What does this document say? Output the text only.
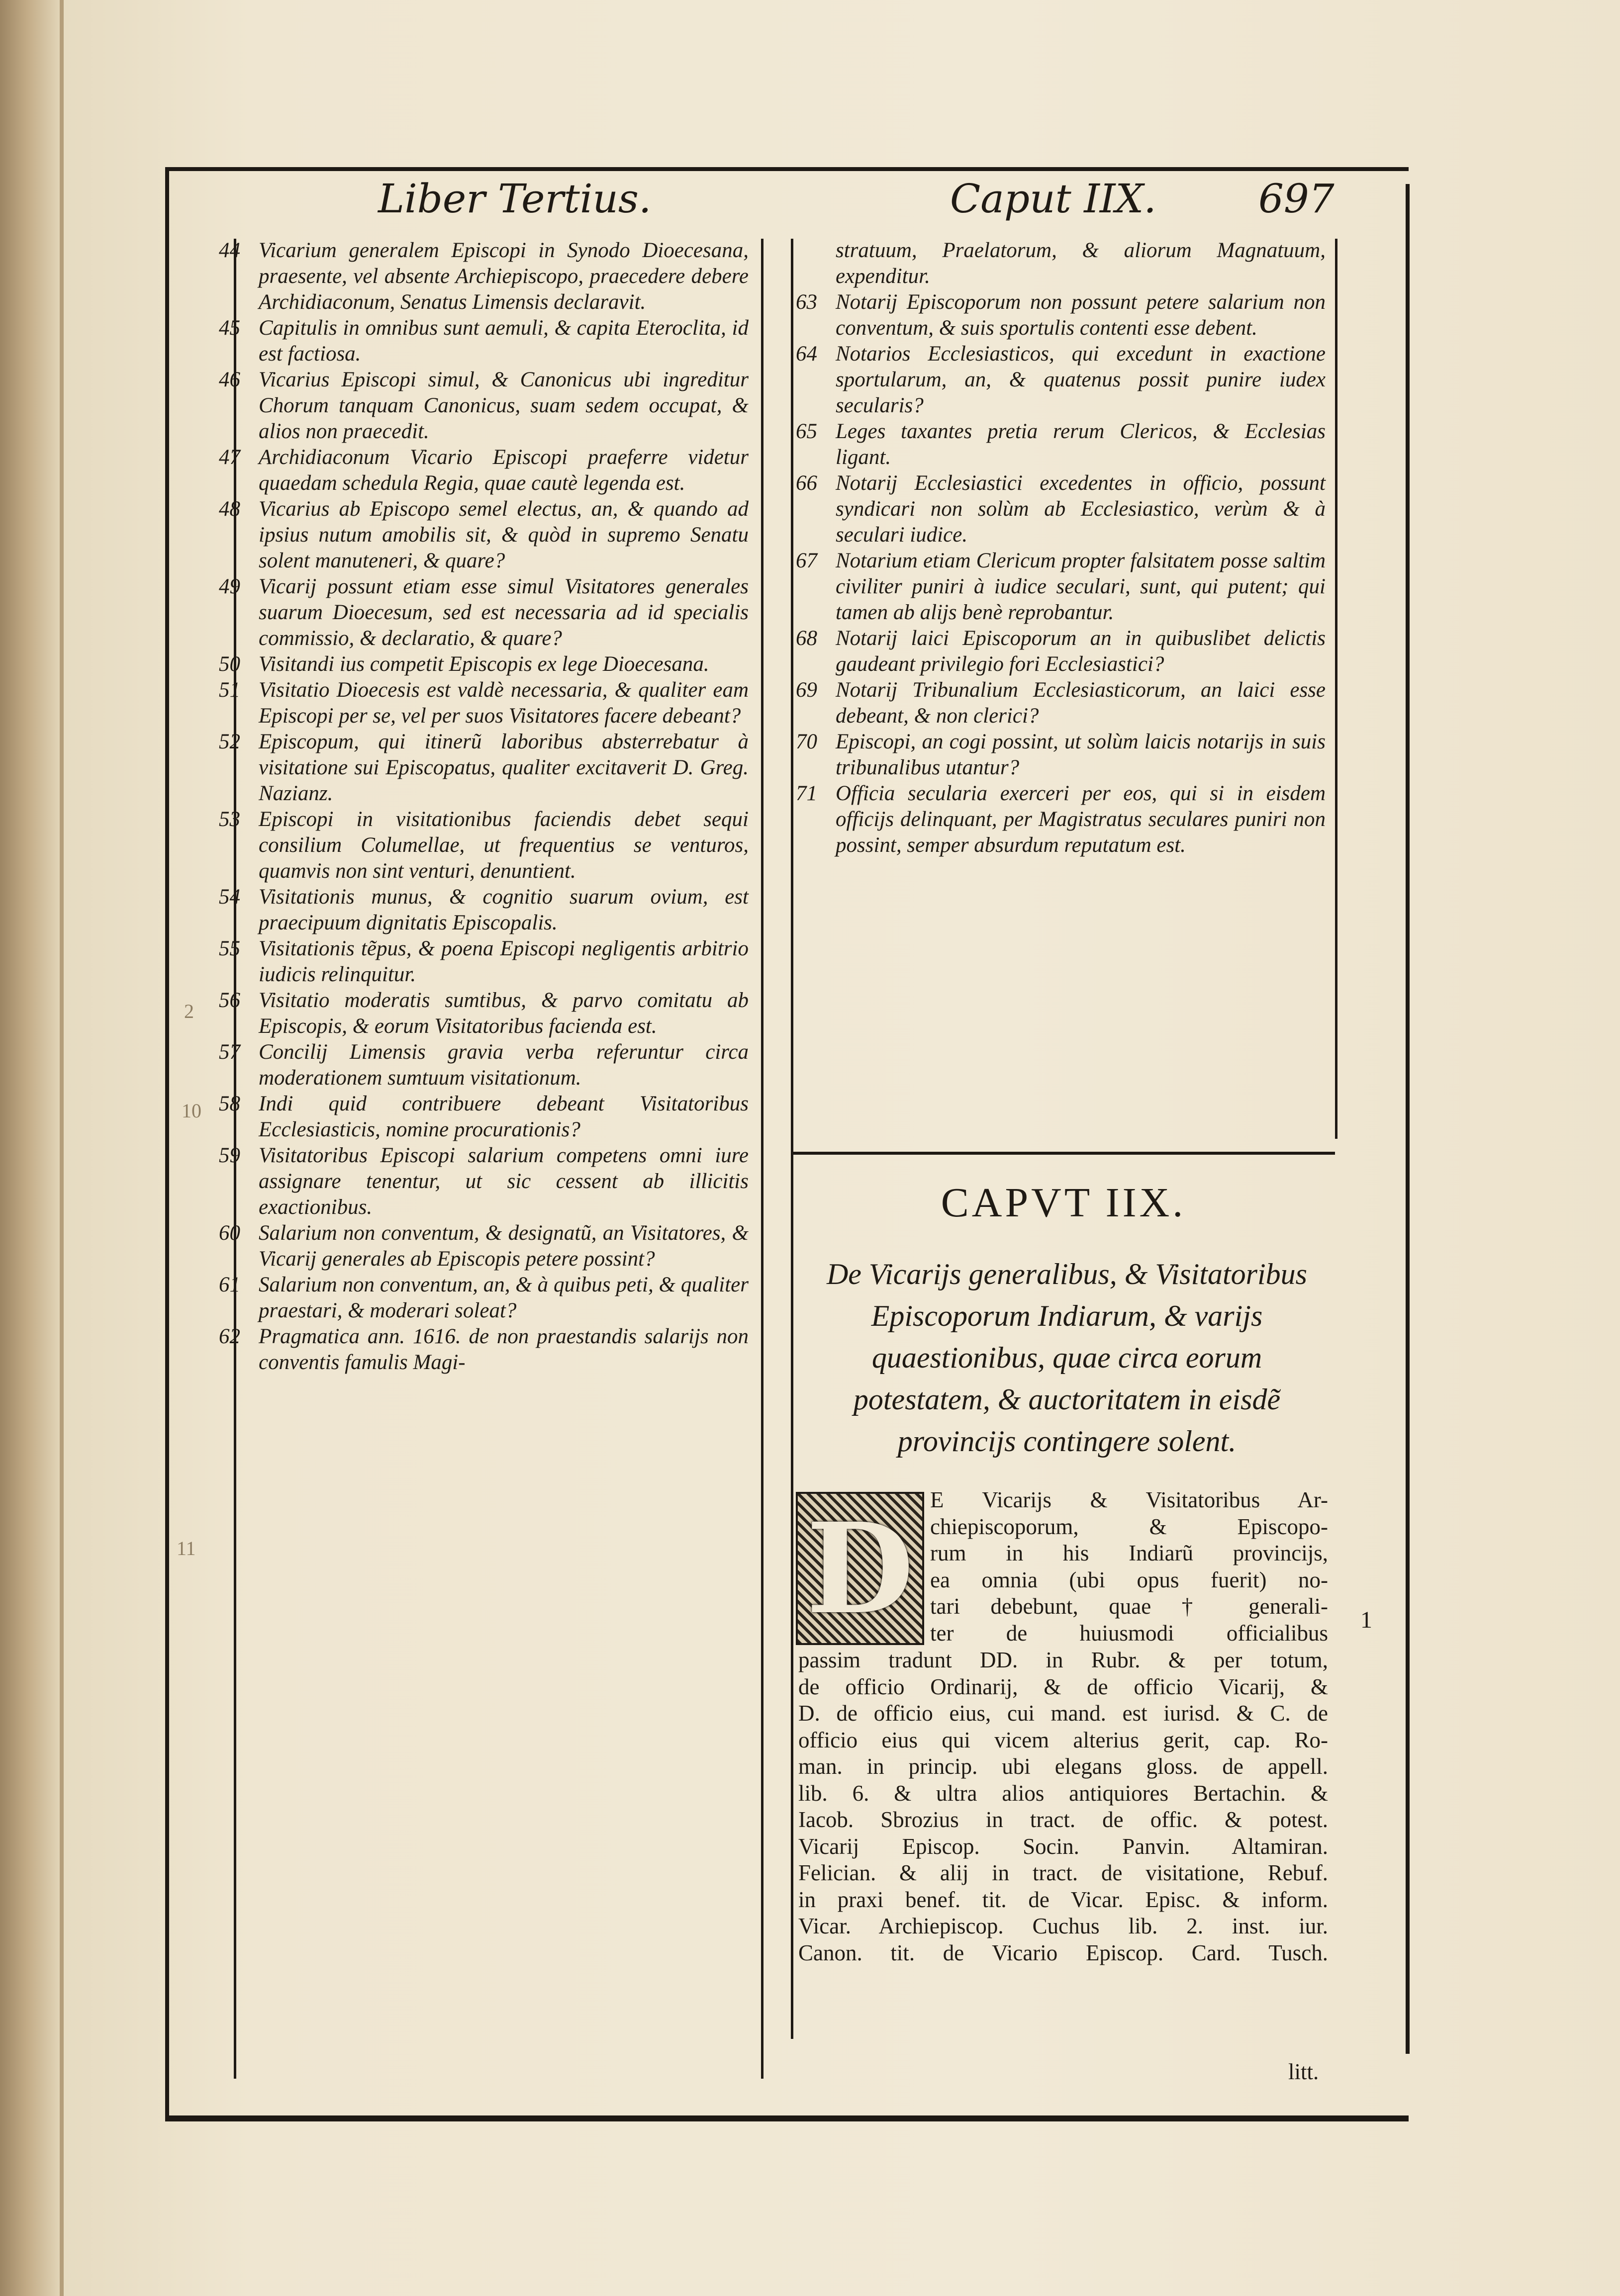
Liber Tertius.	Caput IIX.	697

44 Vicarium generalem Episcopi in Synodo Dioecesana, praesente, vel absente Archiepiscopo, praecedere debere Archidiaconum, Senatus Limensis declaravit.

45 Capitulis in omnibus sunt aemuli, & capita Eteroclita, id est factiosa.

46 Vicarius Episcopi simul, & Canonicus ubi ingreditur Chorum tanquam Canonicus, suam sedem occupat, & alios non praecedit.

47 Archidiaconum Vicario Episcopi praeferre videtur quaedam schedula Regia, quae cautè legenda est.

48 Vicarius ab Episcopo semel electus, an, & quando ad ipsius nutum amobilis sit, & quòd in supremo Senatu solent manuteneri, & quare?

49 Vicarij possunt etiam esse simul Visitatores generales suarum Dioecesum, sed est necessaria ad id specialis commissio, & declaratio, & quare?

50 Visitandi ius competit Episcopis ex lege Dioecesana.

51 Visitatio Dioecesis est valdè necessaria, & qualiter eam Episcopi per se, vel per suos Visitatores facere debeant?

52 Episcopum, qui itinerũ laboribus absterrebatur à visitatione sui Episcopatus, qualiter excitaverit D. Greg. Nazianz.

53 Episcopi in visitationibus faciendis debet sequi consilium Columellae, ut frequentius se venturos, quamvis non sint venturi, denuntient.

54 Visitationis munus, & cognitio suarum ovium, est praecipuum dignitatis Episcopalis.

55 Visitationis tẽpus, & poena Episcopi negligentis arbitrio iudicis relinquitur.

56 Visitatio moderatis sumtibus, & parvo comitatu ab Episcopis, & eorum Visitatoribus facienda est.

57 Concilij Limensis gravia verba referuntur circa moderationem sumtuum visitationum.

58 Indi quid contribuere debeant Visitatoribus Ecclesiasticis, nomine procurationis?

59 Visitatoribus Episcopi salarium competens omni iure assignare tenentur, ut sic cessent ab illicitis exactionibus.

60 Salarium non conventum, & designatũ, an Visitatores, & Vicarij generales ab Episcopis petere possint?

61 Salarium non conventum, an, & à quibus peti, & qualiter praestari, & moderari soleat?

62 Pragmatica ann. 1616. de non praestandis salarijs non conventis famulis Magi-

stratuum, Praelatorum, & aliorum Magnatuum, expenditur.

63 Notarij Episcoporum non possunt petere salarium non conventum, & suis sportulis contenti esse debent.

64 Notarios Ecclesiasticos, qui excedunt in exactione sportularum, an, & quatenus possit punire iudex secularis?

65 Leges taxantes pretia rerum Clericos, & Ecclesias ligant.

66 Notarij Ecclesiastici excedentes in officio, possunt syndicari non solùm ab Ecclesiastico, verùm & à seculari iudice.

67 Notarium etiam Clericum propter falsitatem posse saltim civiliter puniri à iudice seculari, sunt, qui putent; qui tamen ab alijs benè reprobantur.

68 Notarij laici Episcoporum an in quibuslibet delictis gaudeant privilegio fori Ecclesiastici?

69 Notarij Tribunalium Ecclesiasticorum, an laici esse debeant, & non clerici?

70 Episcopi, an cogi possint, ut solùm laicis notarijs in suis tribunalibus utantur?

71 Officia secularia exerceri per eos, qui si in eisdem officijs delinquant, per Magistratus seculares puniri non possint, semper absurdum reputatum est.

CAPVT IIX.
De Vicarijs generalibus, & Visitatoribus Episcoporum Indiarum, & varijs quaestionibus, quae circa eorum potestatem, & auctoritatem in eisdẽ provincijs contingere solent.
D E Vicarijs & Visitatoribus Ar-
chiepiscoporum, & Episcopo-
rum in his Indiarũ provincijs,
ea omnia (ubi opus fuerit) no-
tari debebunt, quae † generali-
ter de huiusmodi officialibus
passim tradunt DD. in Rubr. & per totum,
de officio Ordinarij, & de officio Vicarij, &
D. de officio eius, cui mand. est iurisd. & C. de
officio eius qui vicem alterius gerit, cap. Ro-
man. in princip. ubi elegans gloss. de appell.
lib. 6. & ultra alios antiquiores Bertachin. &
Iacob. Sbrozius in tract. de offic. & potest.
Vicarij Episcop. Socin. Panvin. Altamiran.
Felician. & alij in tract. de visitatione, Rebuf.
in praxi benef. tit. de Vicar. Episc. & inform.
Vicar. Archiepiscop. Cuchus lib. 2. inst. iur.
Canon. tit. de Vicario Episcop. Card. Tusch.
1
2
10
11
litt.
